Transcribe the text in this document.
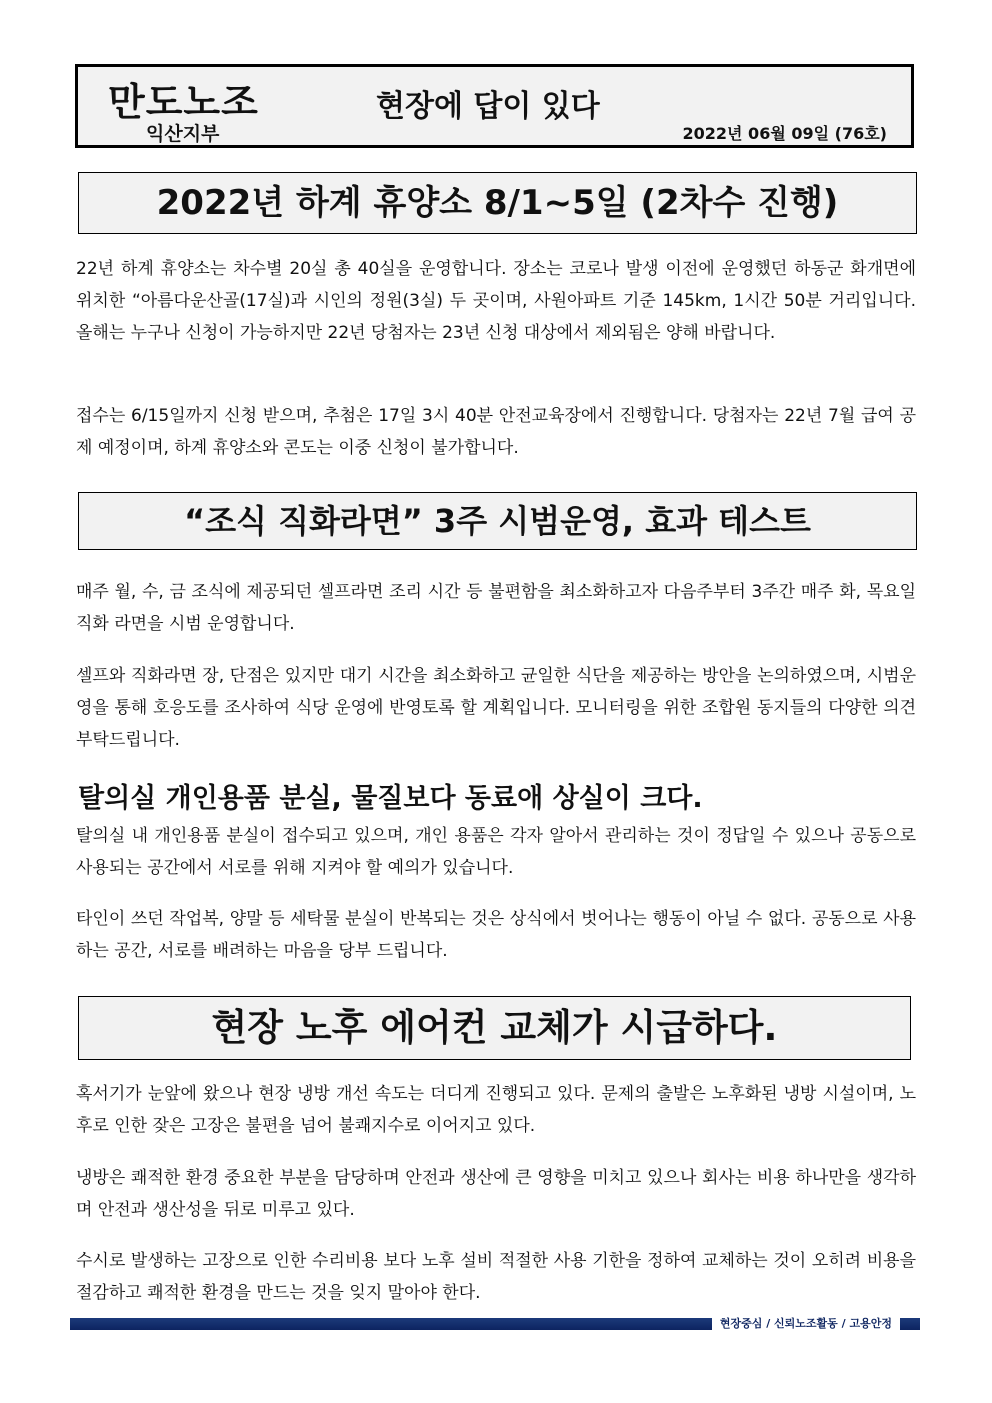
만도노조
익산지부
현장에 답이 있다
2022년 06월 09일 (76호)
2022년 하계 휴양소 8/1~5일 (2차수 진행)

22년 하계 휴양소는 차수별 20실 총 40실을 운영합니다. 장소는 코로나 발생 이전에 운영했던 하동군 화개면에 위치한 “아름다운산골(17실)과 시인의 정원(3실) 두 곳이며, 사원아파트 기준 145km, 1시간 50분 거리입니다. 올해는 누구나 신청이 가능하지만 22년 당첨자는 23년 신청 대상에서 제외됨은 양해 바랍니다.

접수는 6/15일까지 신청 받으며, 추첨은 17일 3시 40분 안전교육장에서 진행합니다. 당첨자는 22년 7월 급여 공제 예정이며, 하계 휴양소와 콘도는 이중 신청이 불가합니다.

“조식 직화라면” 3주 시범운영, 효과 테스트

매주 월, 수, 금 조식에 제공되던 셀프라면 조리 시간 등 불편함을 최소화하고자 다음주부터 3주간 매주 화, 목요일 직화 라면을 시범 운영합니다.

셀프와 직화라면 장, 단점은 있지만 대기 시간을 최소화하고 균일한 식단을 제공하는 방안을 논의하였으며, 시범운영을 통해 호응도를 조사하여 식당 운영에 반영토록 할 계획입니다. 모니터링을 위한 조합원 동지들의 다양한 의견 부탁드립니다.

탈의실 개인용품 분실, 물질보다 동료애 상실이 크다.

탈의실 내 개인용품 분실이 접수되고 있으며, 개인 용품은 각자 알아서 관리하는 것이 정답일 수 있으나 공동으로 사용되는 공간에서 서로를 위해 지켜야 할 예의가 있습니다.

타인이 쓰던 작업복, 양말 등 세탁물 분실이 반복되는 것은 상식에서 벗어나는 행동이 아닐 수 없다. 공동으로 사용하는 공간, 서로를 배려하는 마음을 당부 드립니다.

현장 노후 에어컨 교체가 시급하다.

혹서기가 눈앞에 왔으나 현장 냉방 개선 속도는 더디게 진행되고 있다. 문제의 출발은 노후화된 냉방 시설이며, 노후로 인한 잦은 고장은 불편을 넘어 불쾌지수로 이어지고 있다.

냉방은 쾌적한 환경 중요한 부분을 담당하며 안전과 생산에 큰 영향을 미치고 있으나 회사는 비용 하나만을 생각하며 안전과 생산성을 뒤로 미루고 있다.

수시로 발생하는 고장으로 인한 수리비용 보다 노후 설비 적절한 사용 기한을 정하여 교체하는 것이 오히려 비용을 절감하고 쾌적한 환경을 만드는 것을 잊지 말아야 한다.

현장중심 / 신뢰노조활동 / 고용안정
